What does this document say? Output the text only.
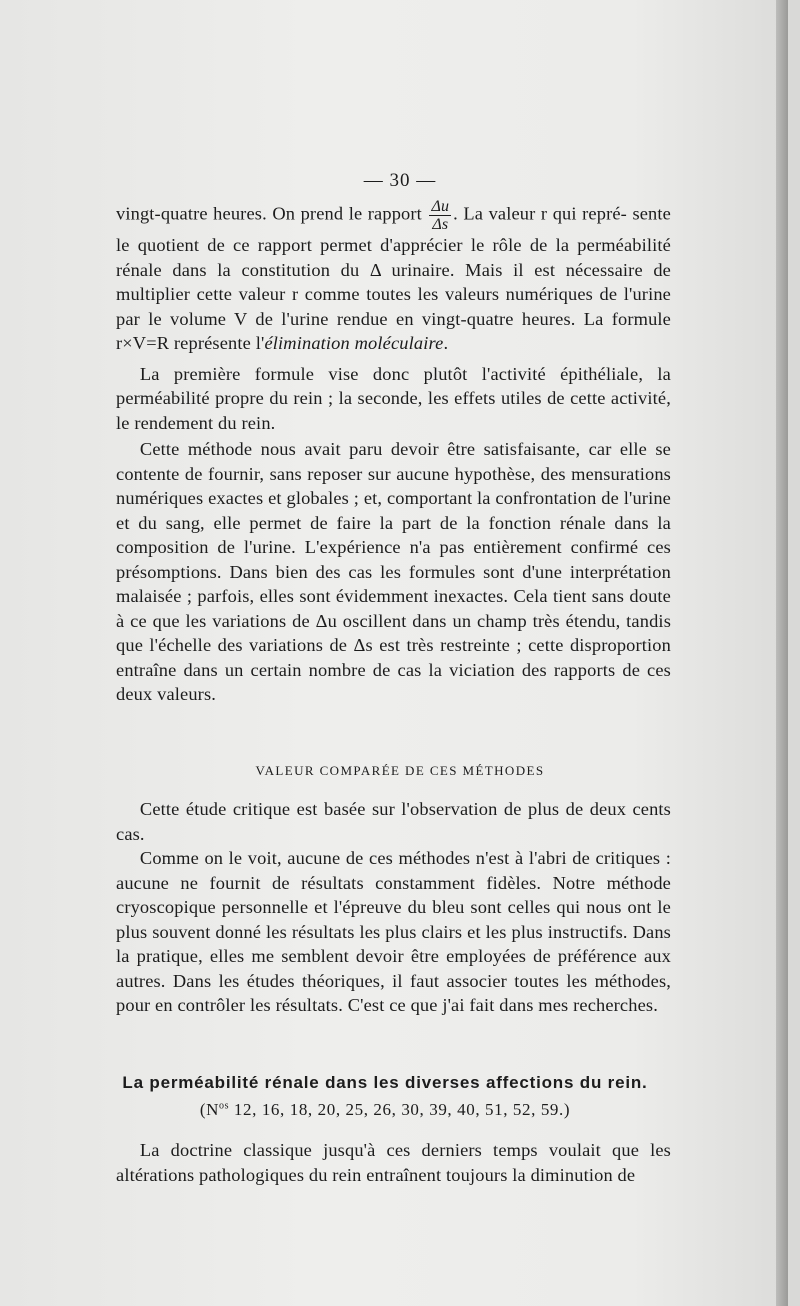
— 30 —

vingt-quatre heures. On prend le rapport $\frac{\Delta u}{\Delta s}$ . La valeur r qui repré- sente le quotient de ce rapport permet d'apprécier le rôle de la perméabilité rénale dans la constitution du Δ urinaire. Mais il est nécessaire de multiplier cette valeur r comme toutes les valeurs numériques de l'urine par le volume V de l'urine rendue en vingt-quatre heures. La formule r×V=R représente l'élimination moléculaire.

La première formule vise donc plutôt l'activité épithéliale, la perméabilité propre du rein ; la seconde, les effets utiles de cette activité, le rendement du rein.

Cette méthode nous avait paru devoir être satisfaisante, car elle se contente de fournir, sans reposer sur aucune hypothèse, des mensurations numériques exactes et globales ; et, comportant la confrontation de l'urine et du sang, elle permet de faire la part de la fonction rénale dans la composition de l'urine. L'expérience n'a pas entièrement confirmé ces présomptions. Dans bien des cas les formules sont d'une interprétation malaisée ; parfois, elles sont évidemment inexactes. Cela tient sans doute à ce que les variations de Δu oscillent dans un champ très étendu, tandis que l'échelle des variations de Δs est très restreinte ; cette disproportion entraîne dans un certain nombre de cas la viciation des rapports de ces deux valeurs.

VALEUR COMPARÉE DE CES MÉTHODES

Cette étude critique est basée sur l'observation de plus de deux cents cas.

Comme on le voit, aucune de ces méthodes n'est à l'abri de critiques : aucune ne fournit de résultats constamment fidèles. Notre méthode cryoscopique personnelle et l'épreuve du bleu sont celles qui nous ont le plus souvent donné les résultats les plus clairs et les plus instructifs. Dans la pratique, elles me semblent devoir être employées de préférence aux autres. Dans les études théoriques, il faut associer toutes les méthodes, pour en contrôler les résultats. C'est ce que j'ai fait dans mes recherches.

La perméabilité rénale dans les diverses affections du rein.
($N^{os}$ 12, 16, 18, 20, 25, 26, 30, 39, 40, 51, 52, 59.)

La doctrine classique jusqu'à ces derniers temps voulait que les altérations pathologiques du rein entraînent toujours la diminution de
